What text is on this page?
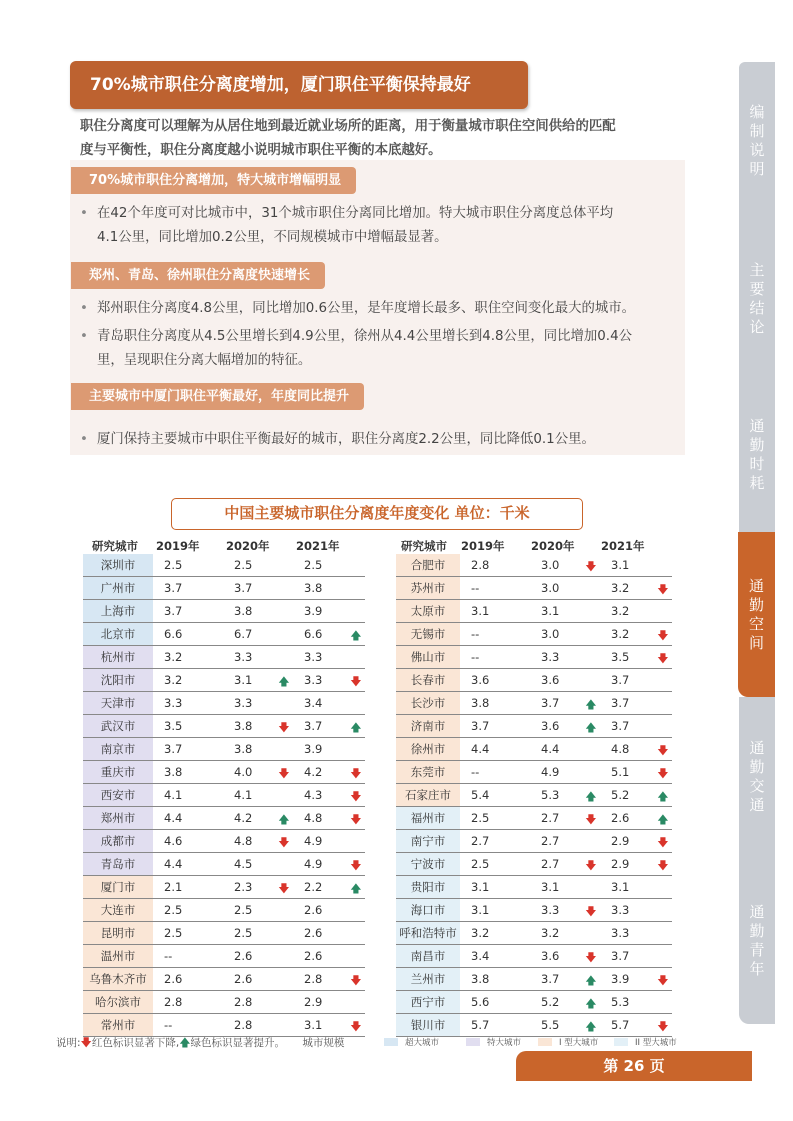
编
制
说
明
主
要
结
论
通
勤
时
耗
通
勤
空
间
通
勤
交
通
通
勤
青
年
70%城市职住分离度增加，厦门职住平衡保持最好
职住分离度可以理解为从居住地到最近就业场所的距离，用于衡量城市职住空间供给的匹配
度与平衡性，职住分离度越小说明城市职住平衡的本底越好。
70%城市职住分离增加，特大城市增幅明显
• 在42个年度可对比城市中，31个城市职住分离同比增加。特大城市职住分离度总体平均
4.1公里，同比增加0.2公里，不同规模城市中增幅最显著。
郑州、青岛、徐州职住分离度快速增长
• 郑州职住分离度4.8公里，同比增加0.6公里，是年度增长最多、职住空间变化最大的城市。
• 青岛职住分离度从4.5公里增长到4.9公里，徐州从4.4公里增长到4.8公里，同比增加0.4公
里，呈现职住分离大幅增加的特征。
主要城市中厦门职住平衡最好，年度同比提升
• 厦门保持主要城市中职住平衡最好的城市，职住分离度2.2公里，同比降低0.1公里。
中国主要城市职住分离度年度变化 单位：千米
研究城市	2019年	2020年	2021年
深圳市	2.5	2.5	2.5

广州市	3.7	3.7	3.8

上海市	3.7	3.8	3.9

北京市	6.6	6.7	6.6 🡅

杭州市	3.2	3.3	3.3

沈阳市	3.2	3.1 🡅	3.3 🡇

天津市	3.3	3.3	3.4

武汉市	3.5	3.8 🡇	3.7 🡅

南京市	3.7	3.8	3.9

重庆市	3.8	4.0 🡇	4.2 🡇

西安市	4.1	4.1	4.3 🡇

郑州市	4.4	4.2 🡅	4.8 🡇

成都市	4.6	4.8 🡇	4.9

青岛市	4.4	4.5	4.9 🡇

厦门市	2.1	2.3 🡇	2.2 🡅

大连市	2.5	2.5	2.6

昆明市	2.5	2.5	2.6

温州市	--	2.6	2.6

乌鲁木齐市	2.6	2.6	2.8 🡇

哈尔滨市	2.8	2.8	2.9

常州市	--	2.8	3.1 🡇
研究城市	2019年	2020年	2021年
合肥市	2.8	3.0 🡇	3.1

苏州市	--	3.0	3.2 🡇

太原市	3.1	3.1	3.2

无锡市	--	3.0	3.2 🡇

佛山市	--	3.3	3.5 🡇

长春市	3.6	3.6	3.7

长沙市	3.8	3.7 🡅	3.7

济南市	3.7	3.6 🡅	3.7

徐州市	4.4	4.4	4.8 🡇

东莞市	--	4.9	5.1 🡇

石家庄市	5.4	5.3 🡅	5.2 🡅

福州市	2.5	2.7 🡇	2.6 🡅

南宁市	2.7	2.7	2.9 🡇

宁波市	2.5	2.7 🡇	2.9 🡇

贵阳市	3.1	3.1	3.1

海口市	3.1	3.3 🡇	3.3

呼和浩特市	3.2	3.2	3.3

南昌市	3.4	3.6 🡇	3.7

兰州市	3.8	3.7 🡅	3.9 🡇

西宁市	5.6	5.2 🡅	5.3

银川市	5.7	5.5 🡅	5.7 🡇
说明:🡇红色标识显著下降,🡅绿色标识显著提升。 城市规模	超大城市	特大城市	I 型大城市	II 型大城市
第 26 页
